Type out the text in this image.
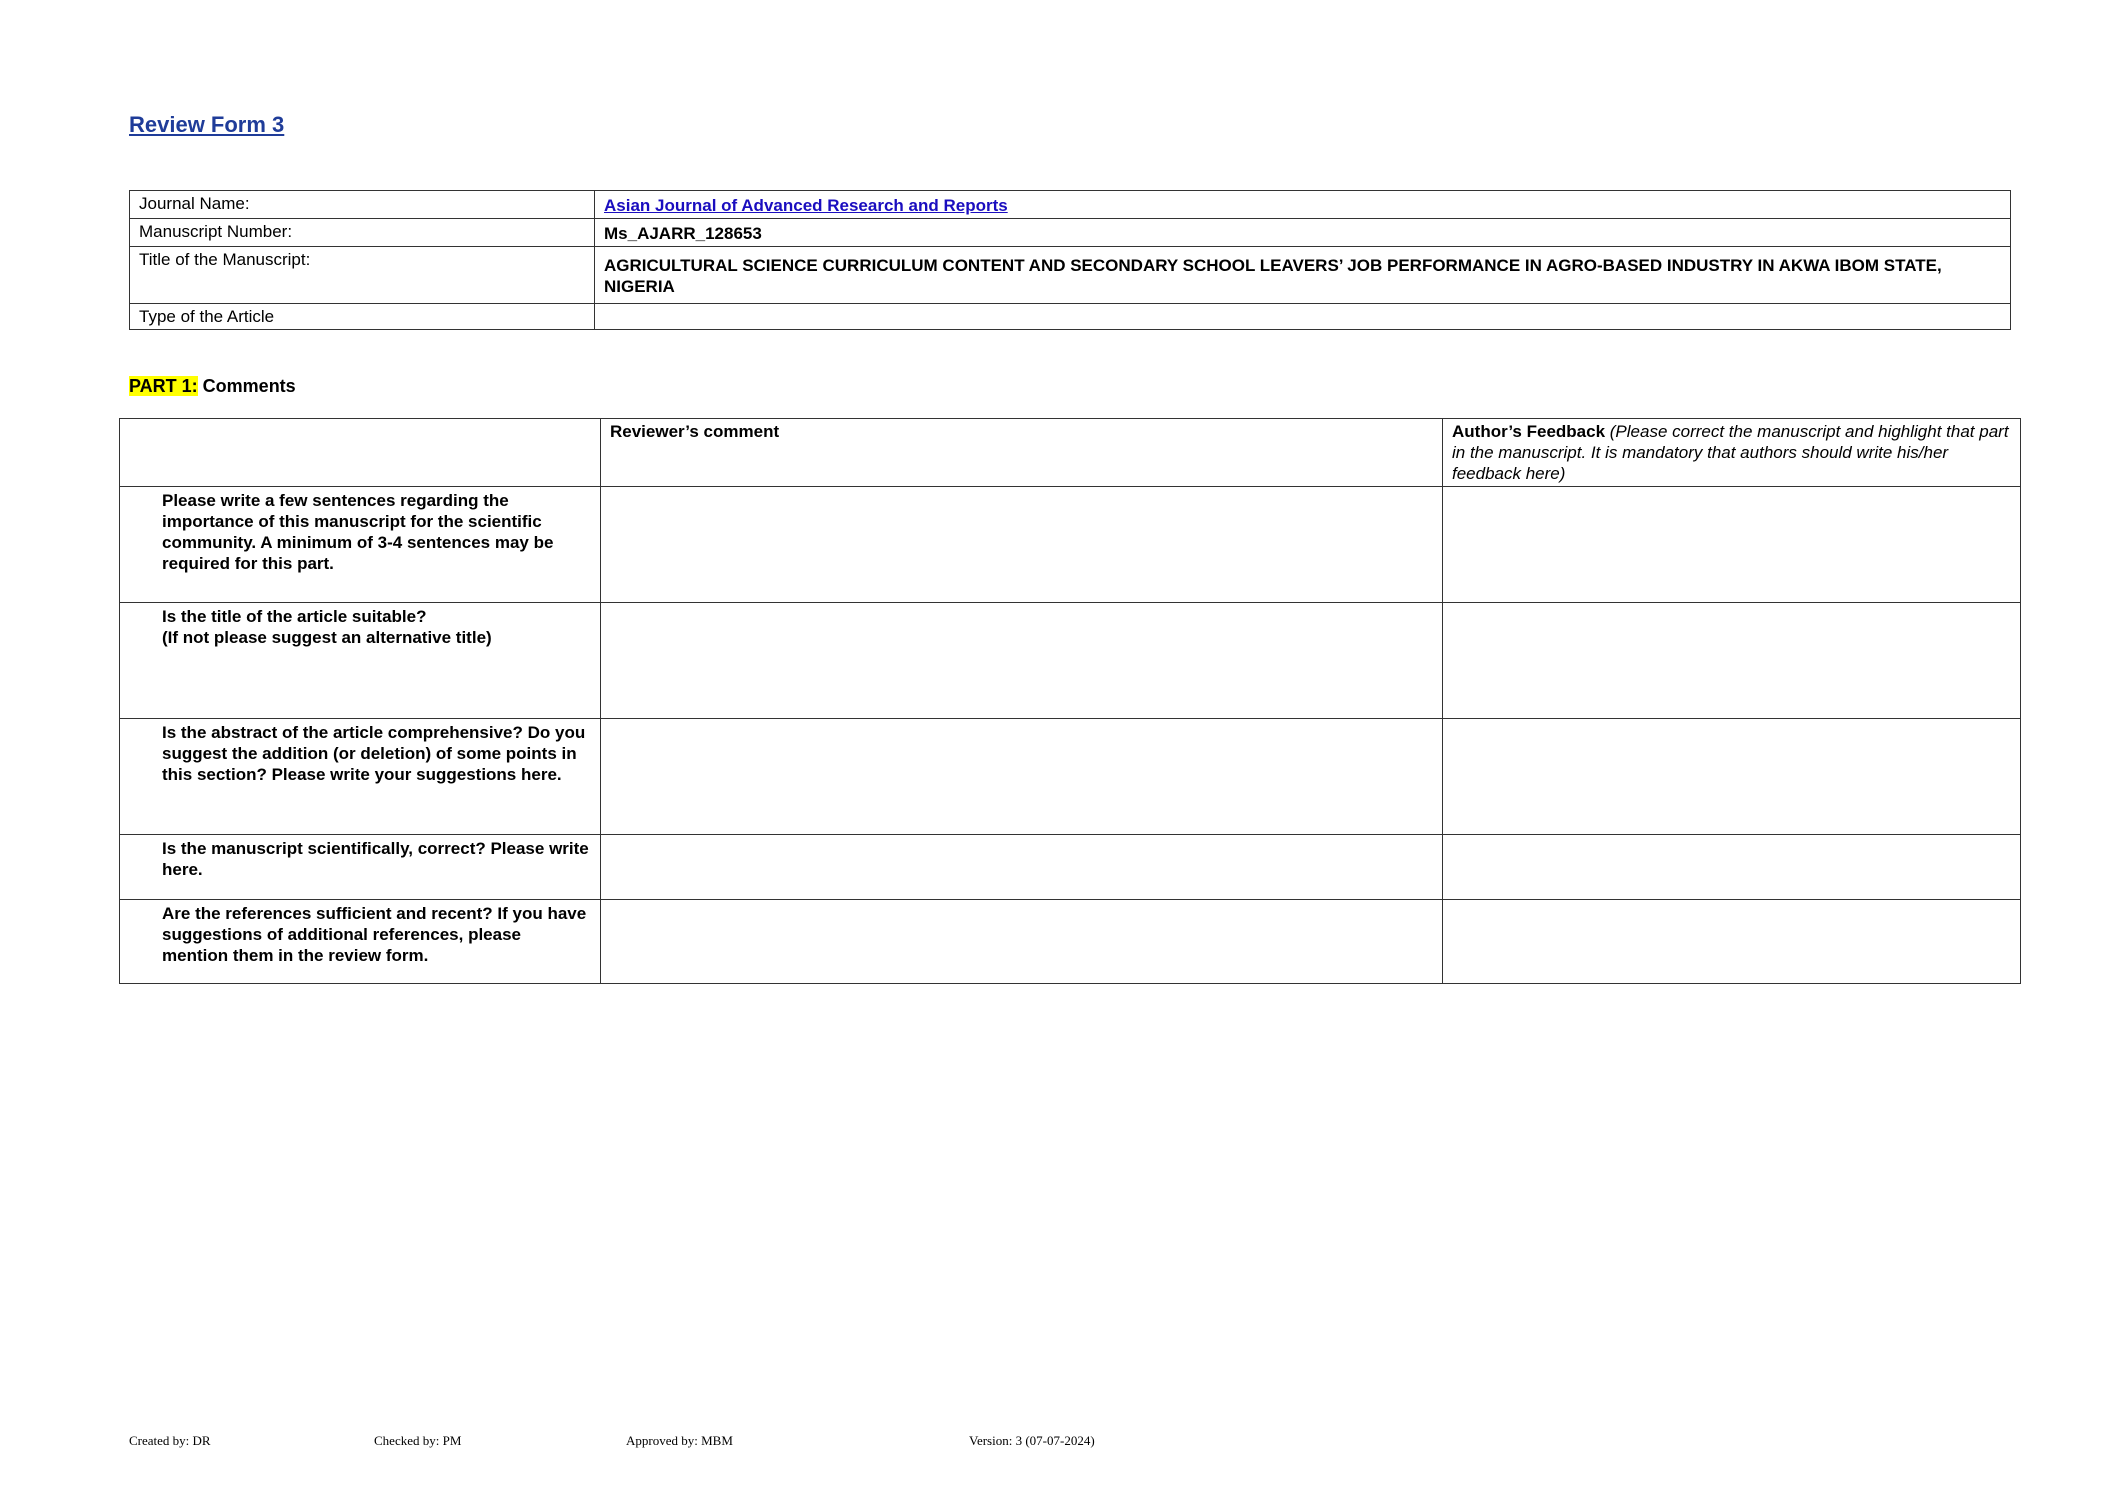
Review Form 3
Journal Name:	Asian Journal of Advanced Research and Reports
Manuscript Number:	Ms_AJARR_128653
Title of the Manuscript:	AGRICULTURAL SCIENCE CURRICULUM CONTENT AND SECONDARY SCHOOL LEAVERS’ JOB PERFORMANCE IN AGRO-BASED INDUSTRY IN AKWA IBOM STATE, NIGERIA
Type of the Article	

PART 1: Comments

	Reviewer’s comment	Author’s Feedback (Please correct the manuscript and highlight that part in the manuscript. It is mandatory that authors should write his/her feedback here)
Please write a few sentences regarding the importance of this manuscript for the scientific community. A minimum of 3-4 sentences may be required for this part.		
Is the title of the article suitable?
(If not please suggest an alternative title)		
Is the abstract of the article comprehensive? Do you suggest the addition (or deletion) of some points in this section? Please write your suggestions here.		
Is the manuscript scientifically, correct? Please write here.		
Are the references sufficient and recent? If you have suggestions of additional references, please mention them in the review form.		
Created by: DR	Checked by: PM	Approved by: MBM	Version: 3 (07-07-2024)
